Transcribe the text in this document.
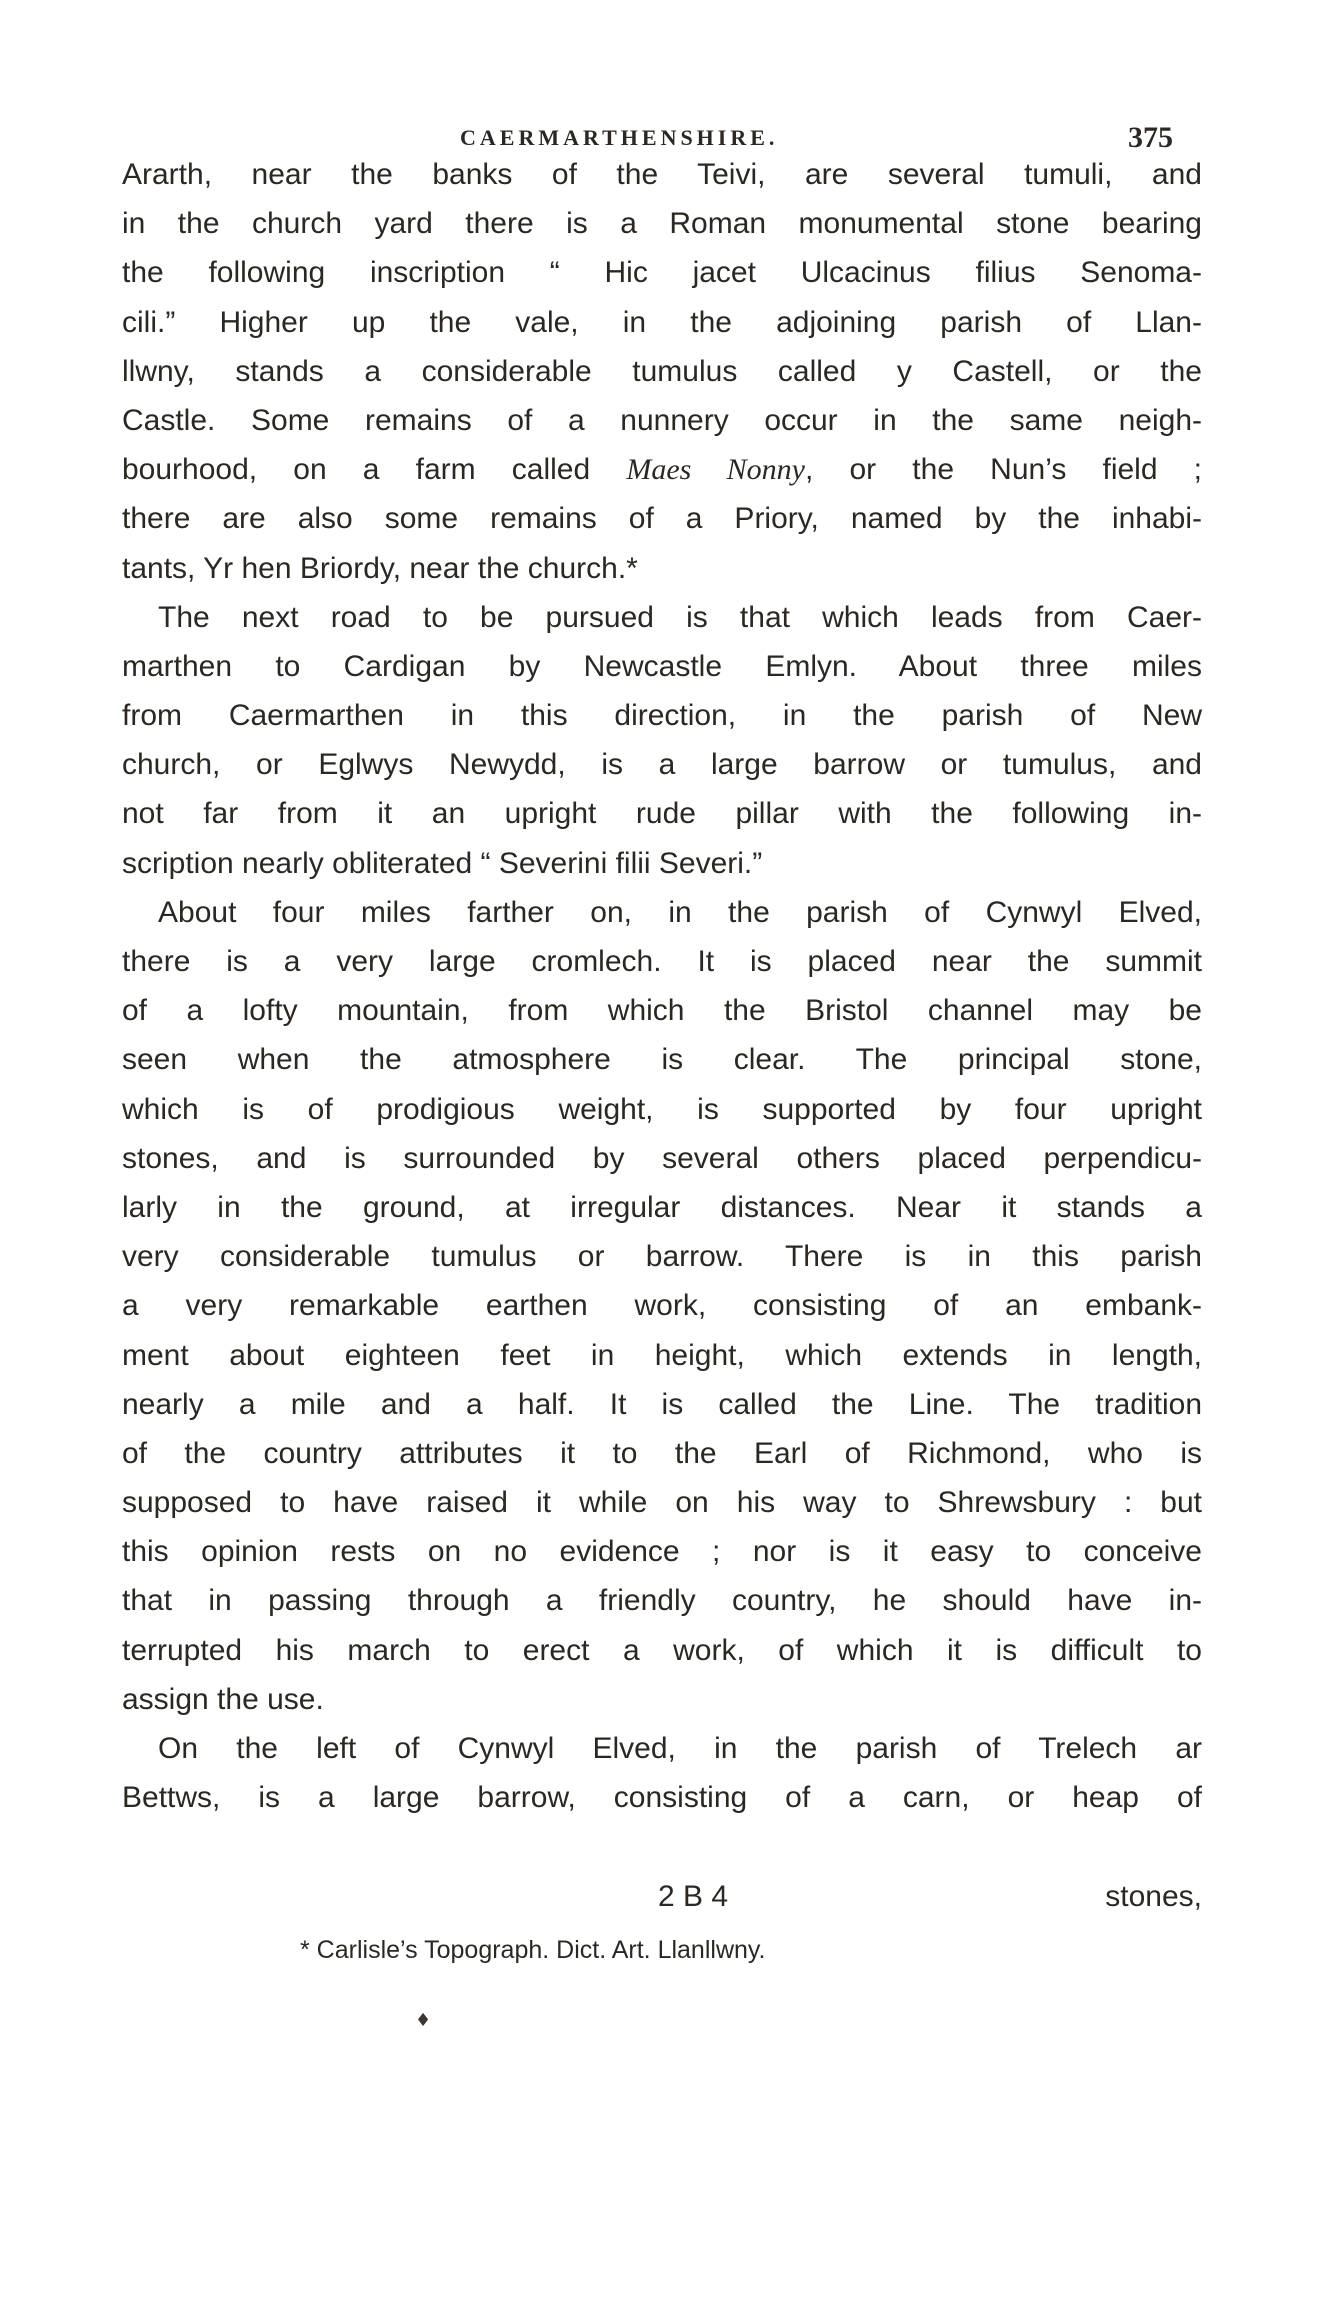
CAERMARTHENSHIRE.	375
Ararth, near the banks of the Teivi, are several tumuli, and
in the church yard there is a Roman monumental stone bearing
the following inscription “ Hic jacet Ulcacinus filius Senoma-
cili.” Higher up the vale, in the adjoining parish of Llan-
llwny, stands a considerable tumulus called y Castell, or the
Castle. Some remains of a nunnery occur in the same neigh-
bourhood, on a farm called Maes Nonny, or the Nun’s field ;
there are also some remains of a Priory, named by the inhabi-
tants, Yr hen Briordy, near the church.*
The next road to be pursued is that which leads from Caer-
marthen to Cardigan by Newcastle Emlyn. About three miles
from Caermarthen in this direction, in the parish of New
church, or Eglwys Newydd, is a large barrow or tumulus, and
not far from it an upright rude pillar with the following in-
scription nearly obliterated “ Severini filii Severi.”
About four miles farther on, in the parish of Cynwyl Elved,
there is a very large cromlech. It is placed near the summit
of a lofty mountain, from which the Bristol channel may be
seen when the atmosphere is clear. The principal stone,
which is of prodigious weight, is supported by four upright
stones, and is surrounded by several others placed perpendicu-
larly in the ground, at irregular distances. Near it stands a
very considerable tumulus or barrow. There is in this parish
a very remarkable earthen work, consisting of an embank-
ment about eighteen feet in height, which extends in length,
nearly a mile and a half. It is called the Line. The tradition
of the country attributes it to the Earl of Richmond, who is
supposed to have raised it while on his way to Shrewsbury : but
this opinion rests on no evidence ; nor is it easy to conceive
that in passing through a friendly country, he should have in-
terrupted his march to erect a work, of which it is difficult to
assign the use.
On the left of Cynwyl Elved, in the parish of Trelech ar
Bettws, is a large barrow, consisting of a carn, or heap of
2 B 4	stones,
* Carlisle’s Topograph. Dict. Art. Llanllwny.
♦
